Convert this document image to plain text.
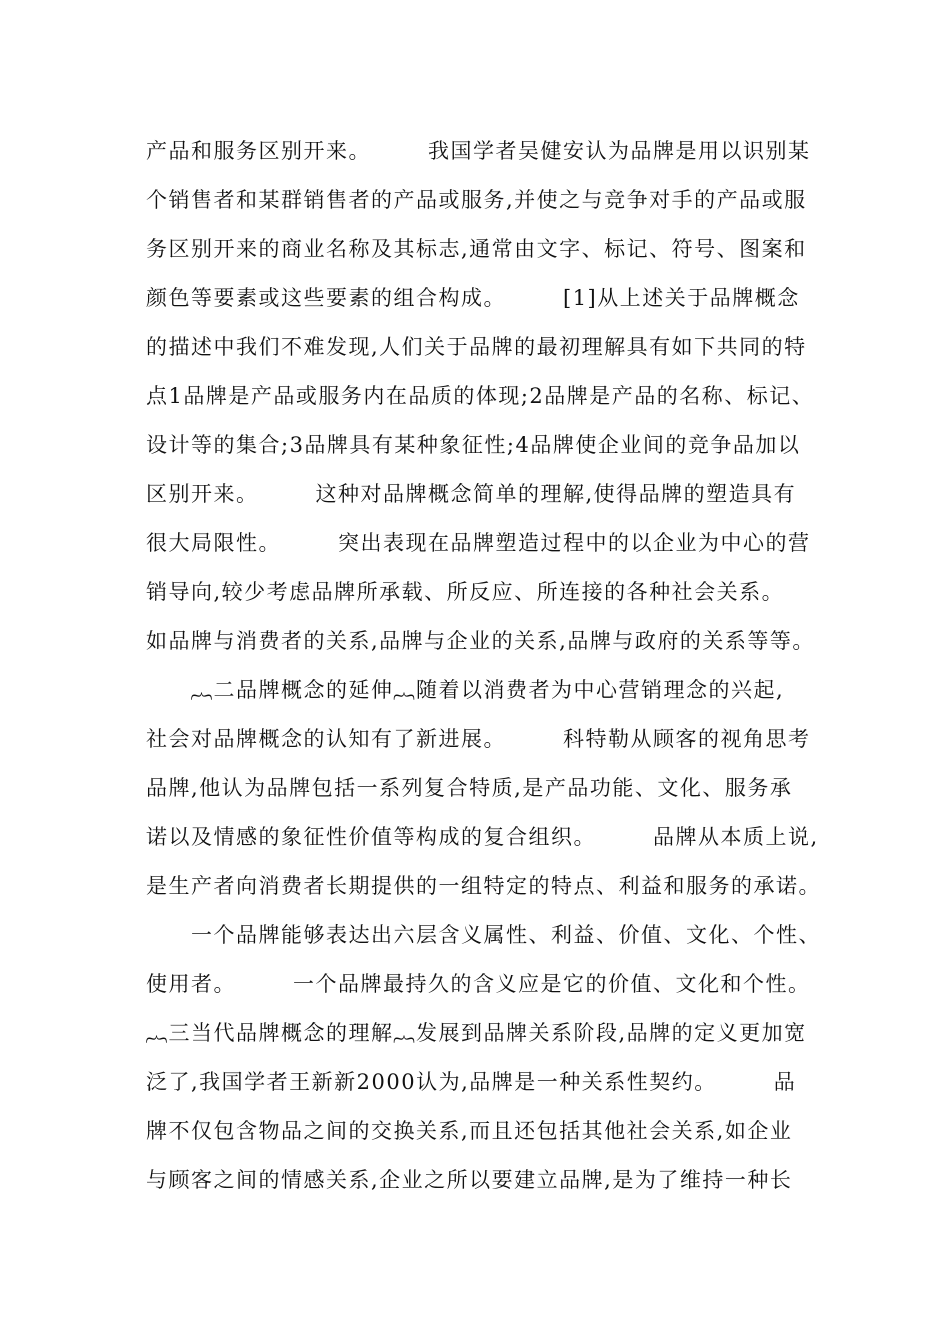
产品和服务区别开来。　　　我国学者吴健安认为品牌是用以识别某
个销售者和某群销售者的产品或服务,并使之与竞争对手的产品或服
务区别开来的商业名称及其标志,通常由文字、标记、符号、图案和
颜色等要素或这些要素的组合构成。　　　[1]从上述关于品牌概念
的描述中我们不难发现,人们关于品牌的最初理解具有如下共同的特
点1品牌是产品或服务内在品质的体现;2品牌是产品的名称、标记、
设计等的集合;3品牌具有某种象征性;4品牌使企业间的竞争品加以
区别开来。　　　这种对品牌概念简单的理解,使得品牌的塑造具有
很大局限性。　　　突出表现在品牌塑造过程中的以企业为中心的营
销导向,较少考虑品牌所承载、所反应、所连接的各种社会关系。
如品牌与消费者的关系,品牌与企业的关系,品牌与政府的关系等等。
　　︷二品牌概念的延伸︷随着以消费者为中心营销理念的兴起,
社会对品牌概念的认知有了新进展。　　　科特勒从顾客的视角思考
品牌,他认为品牌包括一系列复合特质,是产品功能、文化、服务承
诺以及情感的象征性价值等构成的复合组织。　　　品牌从本质上说,
是生产者向消费者长期提供的一组特定的特点、利益和服务的承诺。
　　一个品牌能够表达出六层含义属性、利益、价值、文化、个性、
使用者。　　　一个品牌最持久的含义应是它的价值、文化和个性。
︷三当代品牌概念的理解︷发展到品牌关系阶段,品牌的定义更加宽
泛了,我国学者王新新2000认为,品牌是一种关系性契约。　　　品
牌不仅包含物品之间的交换关系,而且还包括其他社会关系,如企业
与顾客之间的情感关系,企业之所以要建立品牌,是为了维持一种长
